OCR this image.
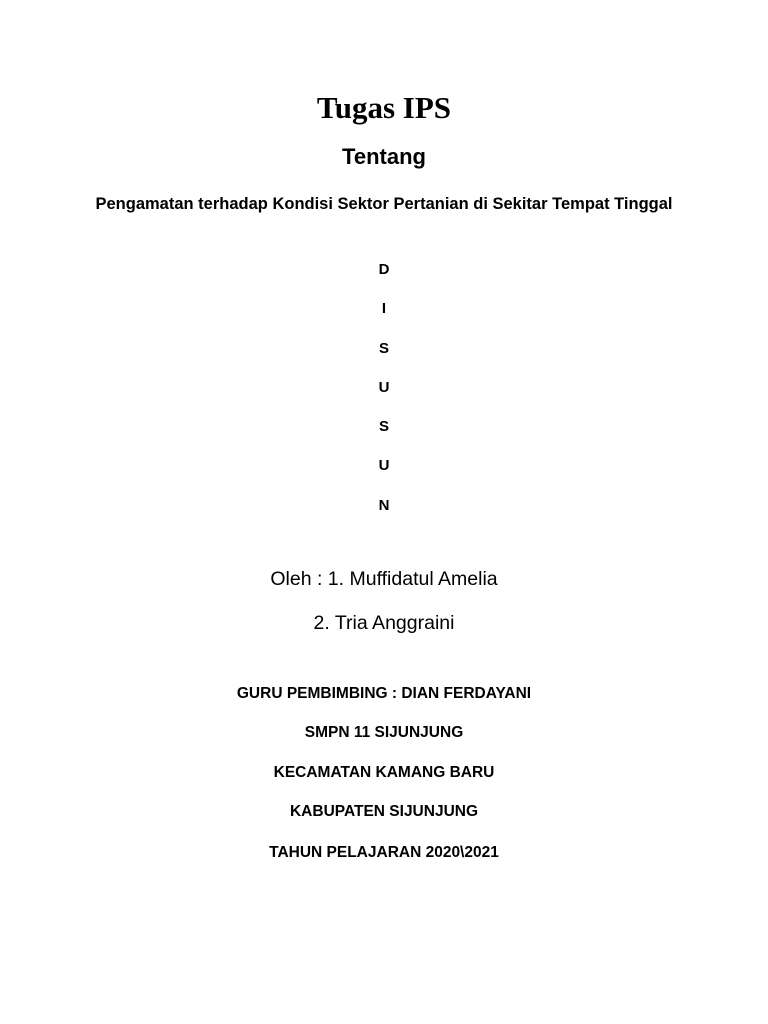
Tugas IPS
Tentang
Pengamatan terhadap Kondisi Sektor Pertanian di Sekitar Tempat Tinggal
D
I
S
U
S
U
N
Oleh : 1. Muffidatul Amelia
2. Tria Anggraini
GURU PEMBIMBING : DIAN FERDAYANI
SMPN 11 SIJUNJUNG
KECAMATAN KAMANG BARU
KABUPATEN SIJUNJUNG
TAHUN PELAJARAN 2020\2021
